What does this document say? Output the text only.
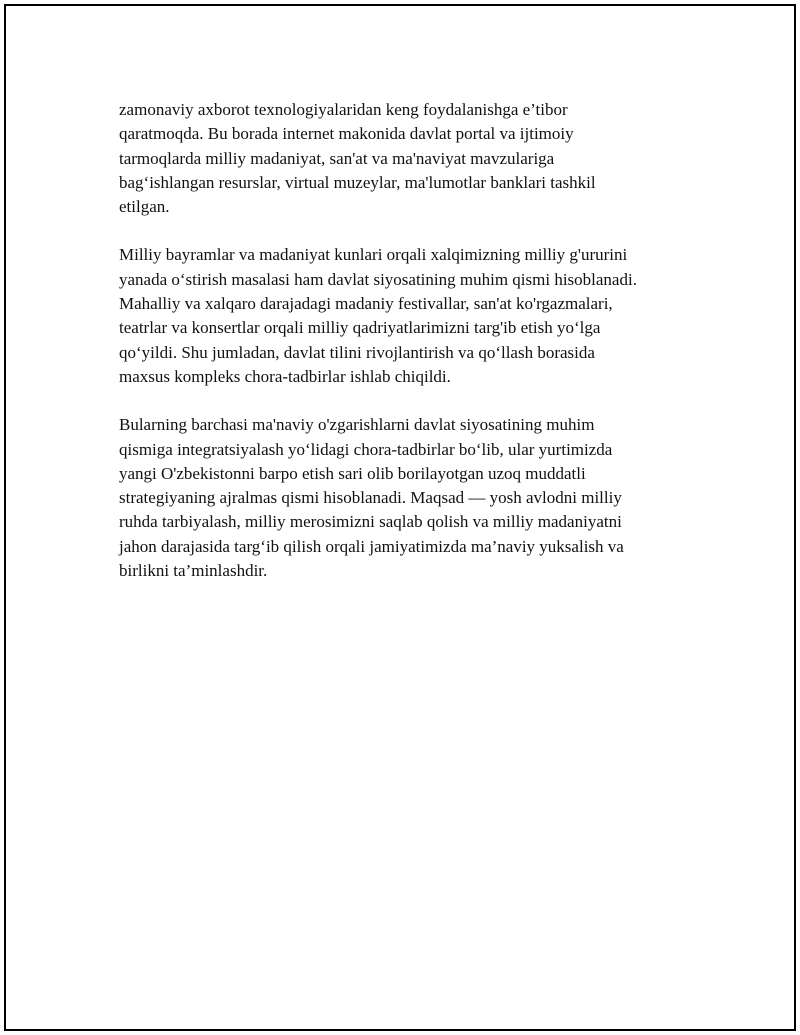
zamonaviy axborot texnologiyalaridan keng foydalanishga e’tibor
qaratmoqda. Bu borada internet makonida davlat portal va ijtimoiy
tarmoqlarda milliy madaniyat, san'at va ma'naviyat mavzulariga
bag‘ishlangan resurslar, virtual muzeylar, ma'lumotlar banklari tashkil
etilgan.

Milliy bayramlar va madaniyat kunlari orqali xalqimizning milliy g'ururini
yanada o‘stirish masalasi ham davlat siyosatining muhim qismi hisoblanadi.
Mahalliy va xalqaro darajadagi madaniy festivallar, san'at ko'rgazmalari,
teatrlar va konsertlar orqali milliy qadriyatlarimizni targ'ib etish yo‘lga
qo‘yildi. Shu jumladan, davlat tilini rivojlantirish va qo‘llash borasida
maxsus kompleks chora-tadbirlar ishlab chiqildi.

Bularning barchasi ma'naviy o'zgarishlarni davlat siyosatining muhim
qismiga integratsiyalash yo‘lidagi chora-tadbirlar bo‘lib, ular yurtimizda
yangi O'zbekistonni barpo etish sari olib borilayotgan uzoq muddatli
strategiyaning ajralmas qismi hisoblanadi. Maqsad — yosh avlodni milliy
ruhda tarbiyalash, milliy merosimizni saqlab qolish va milliy madaniyatni
jahon darajasida targ‘ib qilish orqali jamiyatimizda ma’naviy yuksalish va
birlikni ta’minlashdir.
